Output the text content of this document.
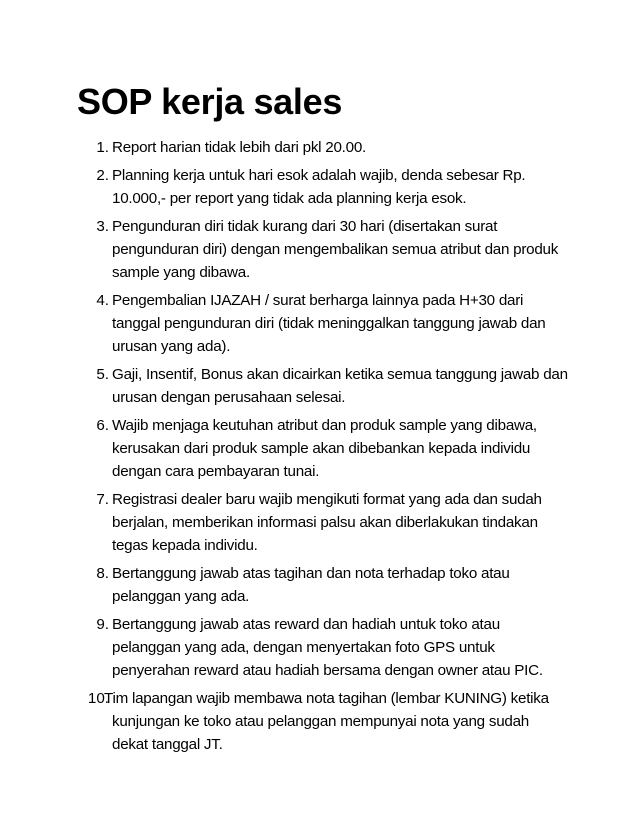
SOP kerja sales
1. Report harian tidak lebih dari pkl 20.00.
2. Planning kerja untuk hari esok adalah wajib, denda sebesar Rp. 10.000,- per report yang tidak ada planning kerja esok.
3. Pengunduran diri tidak kurang dari 30 hari (disertakan surat pengunduran diri) dengan mengembalikan semua atribut dan produk sample yang dibawa.
4. Pengembalian IJAZAH / surat berharga lainnya pada H+30 dari tanggal pengunduran diri (tidak meninggalkan tanggung jawab dan urusan yang ada).
5. Gaji, Insentif, Bonus akan dicairkan ketika semua tanggung jawab dan urusan dengan perusahaan selesai.
6. Wajib menjaga keutuhan atribut dan produk sample yang dibawa, kerusakan dari produk sample akan dibebankan kepada individu dengan cara pembayaran tunai.
7. Registrasi dealer baru wajib mengikuti format yang ada dan sudah berjalan, memberikan informasi palsu akan diberlakukan tindakan tegas kepada individu.
8. Bertanggung jawab atas tagihan dan nota terhadap toko atau pelanggan yang ada.
9. Bertanggung jawab atas reward dan hadiah untuk toko atau pelanggan yang ada, dengan menyertakan foto GPS untuk penyerahan reward atau hadiah bersama dengan owner atau PIC.
10.
Tim lapangan wajib membawa nota tagihan (lembar KUNING) ketika kunjungan ke toko atau pelanggan mempunyai nota yang sudah dekat tanggal JT.
